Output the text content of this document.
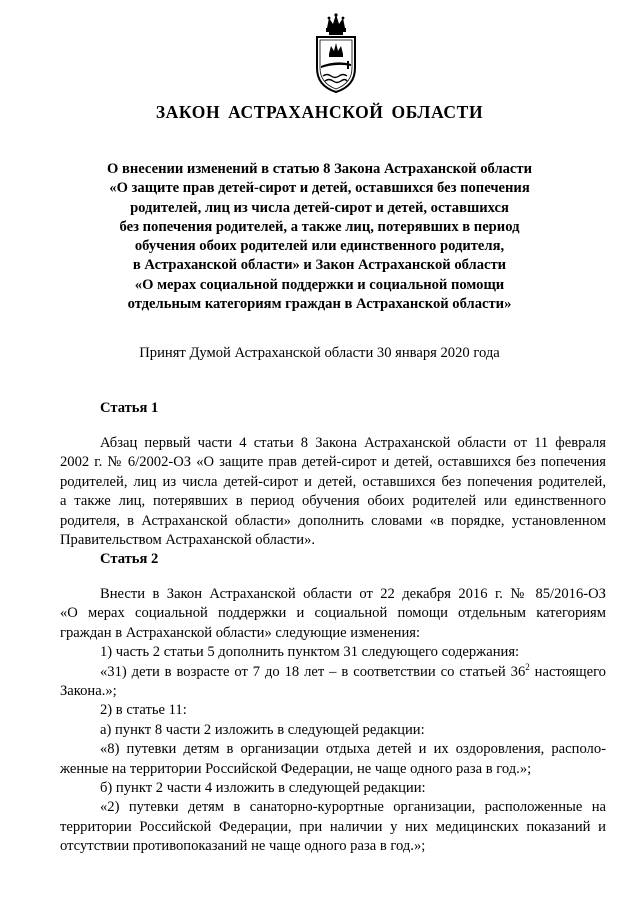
ЗАКОН АСТРАХАНСКОЙ ОБЛАСТИ
О внесении изменений в статью 8 Закона Астраханской области
«О защите прав детей-сирот и детей, оставшихся без попечения
родителей, лиц из числа детей-сирот и детей, оставшихся
без попечения родителей, а также лиц, потерявших в период
обучения обоих родителей или единственного родителя,
в Астраханской области» и Закон Астраханской области
«О мерах социальной поддержки и социальной помощи
отдельным категориям граждан в Астраханской области»
Принят Думой Астраханской области 30 января 2020 года
Статья 1
Абзац первый части 4 статьи 8 Закона Астраханской области от 11 февраля
2002 г. № 6/2002-ОЗ «О защите прав детей-сирот и детей, оставшихся без попечения
родителей, лиц из числа детей-сирот и детей, оставшихся без попечения родителей,
а также лиц, потерявших в период обучения обоих родителей или единственного
родителя, в Астраханской области» дополнить словами «в порядке, установленном
Правительством Астраханской области».
Статья 2
Внести в Закон Астраханской области от 22 декабря 2016 г. № 85/2016-ОЗ
«О мерах социальной поддержки и социальной помощи отдельным категориям
граждан в Астраханской области» следующие изменения:
1) часть 2 статьи 5 дополнить пунктом 31 следующего содержания:
«31) дети в возрасте от 7 до 18 лет – в соответствии со статьей $36^2$ настоящего
Закона.»;
2) в статье 11:
а) пункт 8 части 2 изложить в следующей редакции:
«8) путевки детям в организации отдыха детей и их оздоровления, располо-
женные на территории Российской Федерации, не чаще одного раза в год.»;
б) пункт 2 части 4 изложить в следующей редакции:
«2) путевки детям в санаторно-курортные организации, расположенные на
территории Российской Федерации, при наличии у них медицинских показаний и
отсутствии противопоказаний не чаще одного раза в год.»;
